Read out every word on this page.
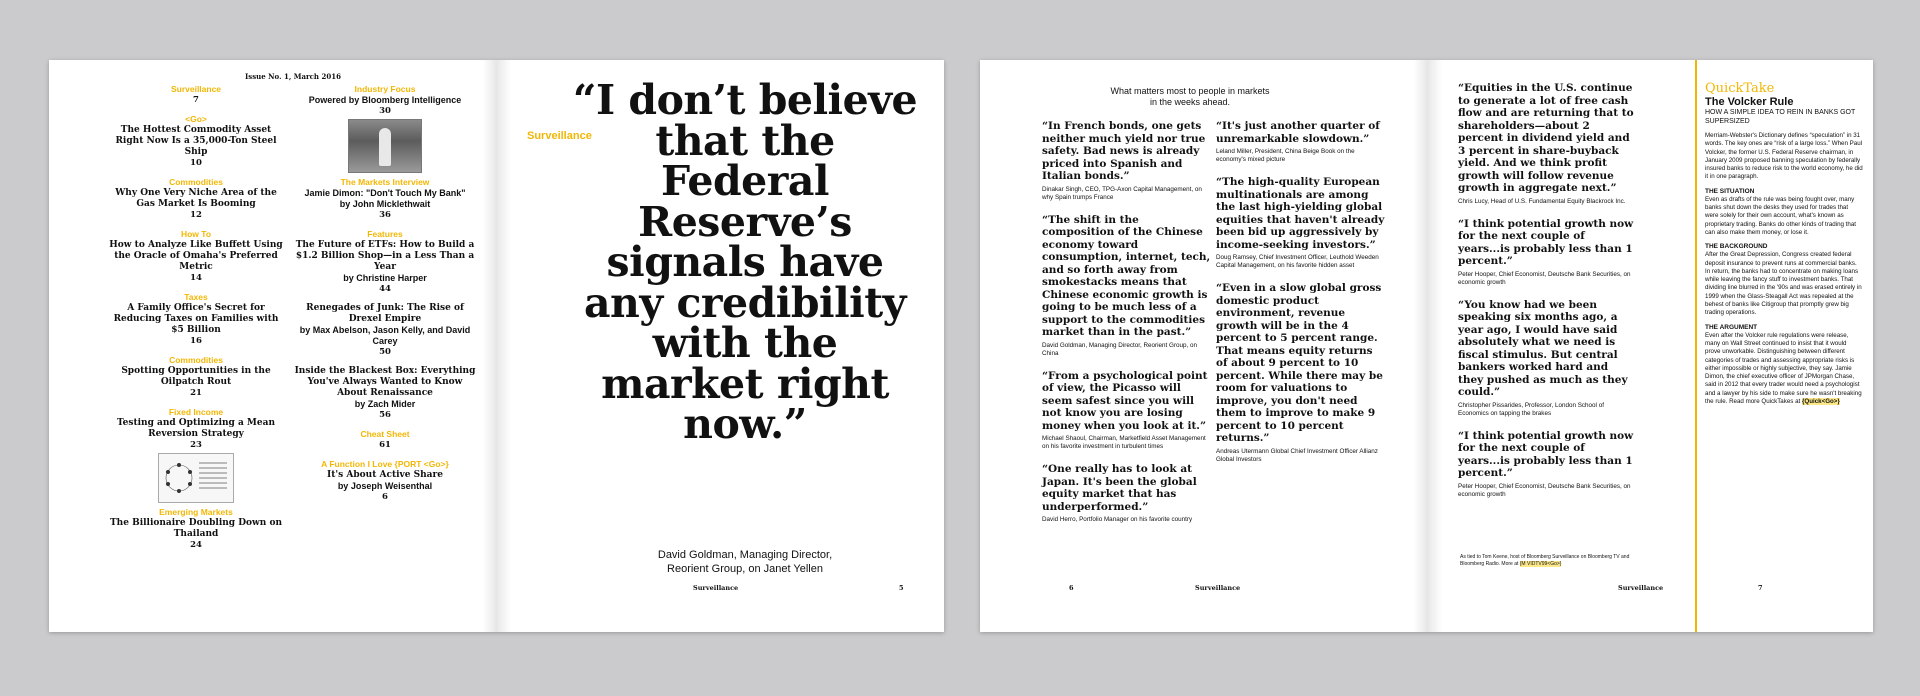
Issue No. 1, March 2016
Surveillance
7
<Go>
The Hottest Commodity Asset Right Now Is a 35,000-Ton Steel Ship
10
Commodities
Why One Very Niche Area of the Gas Market Is Booming
12
How To
How to Analyze Like Buffett Using the Oracle of Omaha's Preferred Metric
14
Taxes
A Family Office's Secret for Reducing Taxes on Families with $5 Billion
16
Commodities
Spotting Opportunities in the Oilpatch Rout
21
Fixed Income
Testing and Optimizing a Mean Reversion Strategy
23
Emerging Markets
The Billionaire Doubling Down on Thailand
24
Industry Focus
Powered by Bloomberg Intelligence
30
The Markets Interview
Jamie Dimon: "Don't Touch My Bank"
by John Micklethwait
36
Features
The Future of ETFs: How to Build a $1.2 Billion Shop—in a Less Than a Year
by Christine Harper
44
Renegades of Junk: The Rise of Drexel Empire
by Max Abelson, Jason Kelly, and David Carey
50
Inside the Blackest Box: Everything You've Always Wanted to Know About Renaissance
by Zach Mider
56
Cheat Sheet
61
A Function I Love {PORT <Go>}
It's About Active Share
by Joseph Weisenthal
6
Surveillance
“I don’t believe that the Federal Reserve’s signals have any credibility with the market right now.”
David Goldman, Managing Director,
Reorient Group, on Janet Yellen
Surveillance	5
What matters most to people in markets
in the weeks ahead.
“In French bonds, one gets neither much yield nor true safety. Bad news is already priced into Spanish and Italian bonds.”
Dinakar Singh, CEO, TPG-Axon Capital Management, on why Spain trumps France
“The shift in the composition of the Chinese economy toward consumption, internet, tech, and so forth away from smokestacks means that Chinese economic growth is going to be much less of a support to the commodities market than in the past.”
David Goldman, Managing Director, Reorient Group, on China
“From a psychological point of view, the Picasso will seem safest since you will not know you are losing money when you look at it.”
Michael Shaoul, Chairman, Marketfield Asset Management on his favorite investment in turbulent times
“One really has to look at Japan. It's been the global equity market that has underperformed.”
David Herro, Portfolio Manager on his favorite country
“It's just another quarter of unremarkable slowdown.”
Leland Miller, President, China Beige Book on the economy's mixed picture
“The high-quality European multinationals are among the last high-yielding global equities that haven't already been bid up aggressively by income-seeking investors.”
Doug Ramsey, Chief Investment Officer, Leuthold Weeden Capital Management, on his favorite hidden asset
“Even in a slow global gross domestic product environment, revenue growth will be in the 4 percent to 5 percent range. That means equity returns of about 9 percent to 10 percent. While there may be room for valuations to improve, you don't need them to improve to make 9 percent to 10 percent returns.”
Andreas Utermann Global Chief Investment Officer Allianz Global Investors
6	Surveillance
“Equities in the U.S. continue to generate a lot of free cash flow and are returning that to shareholders—about 2 percent in dividend yield and 3 percent in share-buyback yield. And we think profit growth will follow revenue growth in aggregate next.”
Chris Lucy, Head of U.S. Fundamental Equity Blackrock Inc.
“I think potential growth now for the next couple of years...is probably less than 1 percent.”
Peter Hooper, Chief Economist, Deutsche Bank Securities, on economic growth
“You know had we been speaking six months ago, a year ago, I would have said absolutely what we need is fiscal stimulus. But central bankers worked hard and they pushed as much as they could.”
Christopher Pissarides, Professor, London School of Economics on tapping the brakes
“I think potential growth now for the next couple of years...is probably less than 1 percent.”
Peter Hooper, Chief Economist, Deutsche Bank Securities, on economic growth
As tied to Tom Keene, host of Bloomberg Surveillance on Bloomberg TV and Bloomberg Radio. More at {M VIDTV99<Go>}
Surveillance	7
QuickTake
The Volcker Rule
HOW A SIMPLE IDEA TO REIN IN BANKS GOT SUPERSIZED
Merriam-Webster's Dictionary defines “speculation” in 31 words. The key ones are “risk of a large loss.” When Paul Volcker, the former U.S. Federal Reserve chairman, in January 2009 proposed banning speculation by federally insured banks to reduce risk to the world economy, he did it in one paragraph.
THE SITUATION
Even as drafts of the rule was being fought over, many banks shut down the desks they used for trades that were solely for their own account, what's known as proprietary trading. Banks do other kinds of trading that can also make them money, or lose it.
THE BACKGROUND
After the Great Depression, Congress created federal deposit insurance to prevent runs at commercial banks. In return, the banks had to concentrate on making loans while leaving the fancy stuff to investment banks. That dividing line blurred in the '90s and was erased entirely in 1999 when the Glass-Steagall Act was repealed at the behest of banks like Citigroup that promptly grew big trading operations.
THE ARGUMENT
Even after the Volcker rule regulations were release, many on Wall Street continued to insist that it would prove unworkable. Distinguishing between different categories of trades and assessing appropriate risks is either impossible or highly subjective, they say. Jamie Dimon, the chief executive officer of JPMorgan Chase, said in 2012 that every trader would need a psychologist and a lawyer by his side to make sure he wasn't breaking the rule. Read more QuickTakes at {Quick<Go>}
